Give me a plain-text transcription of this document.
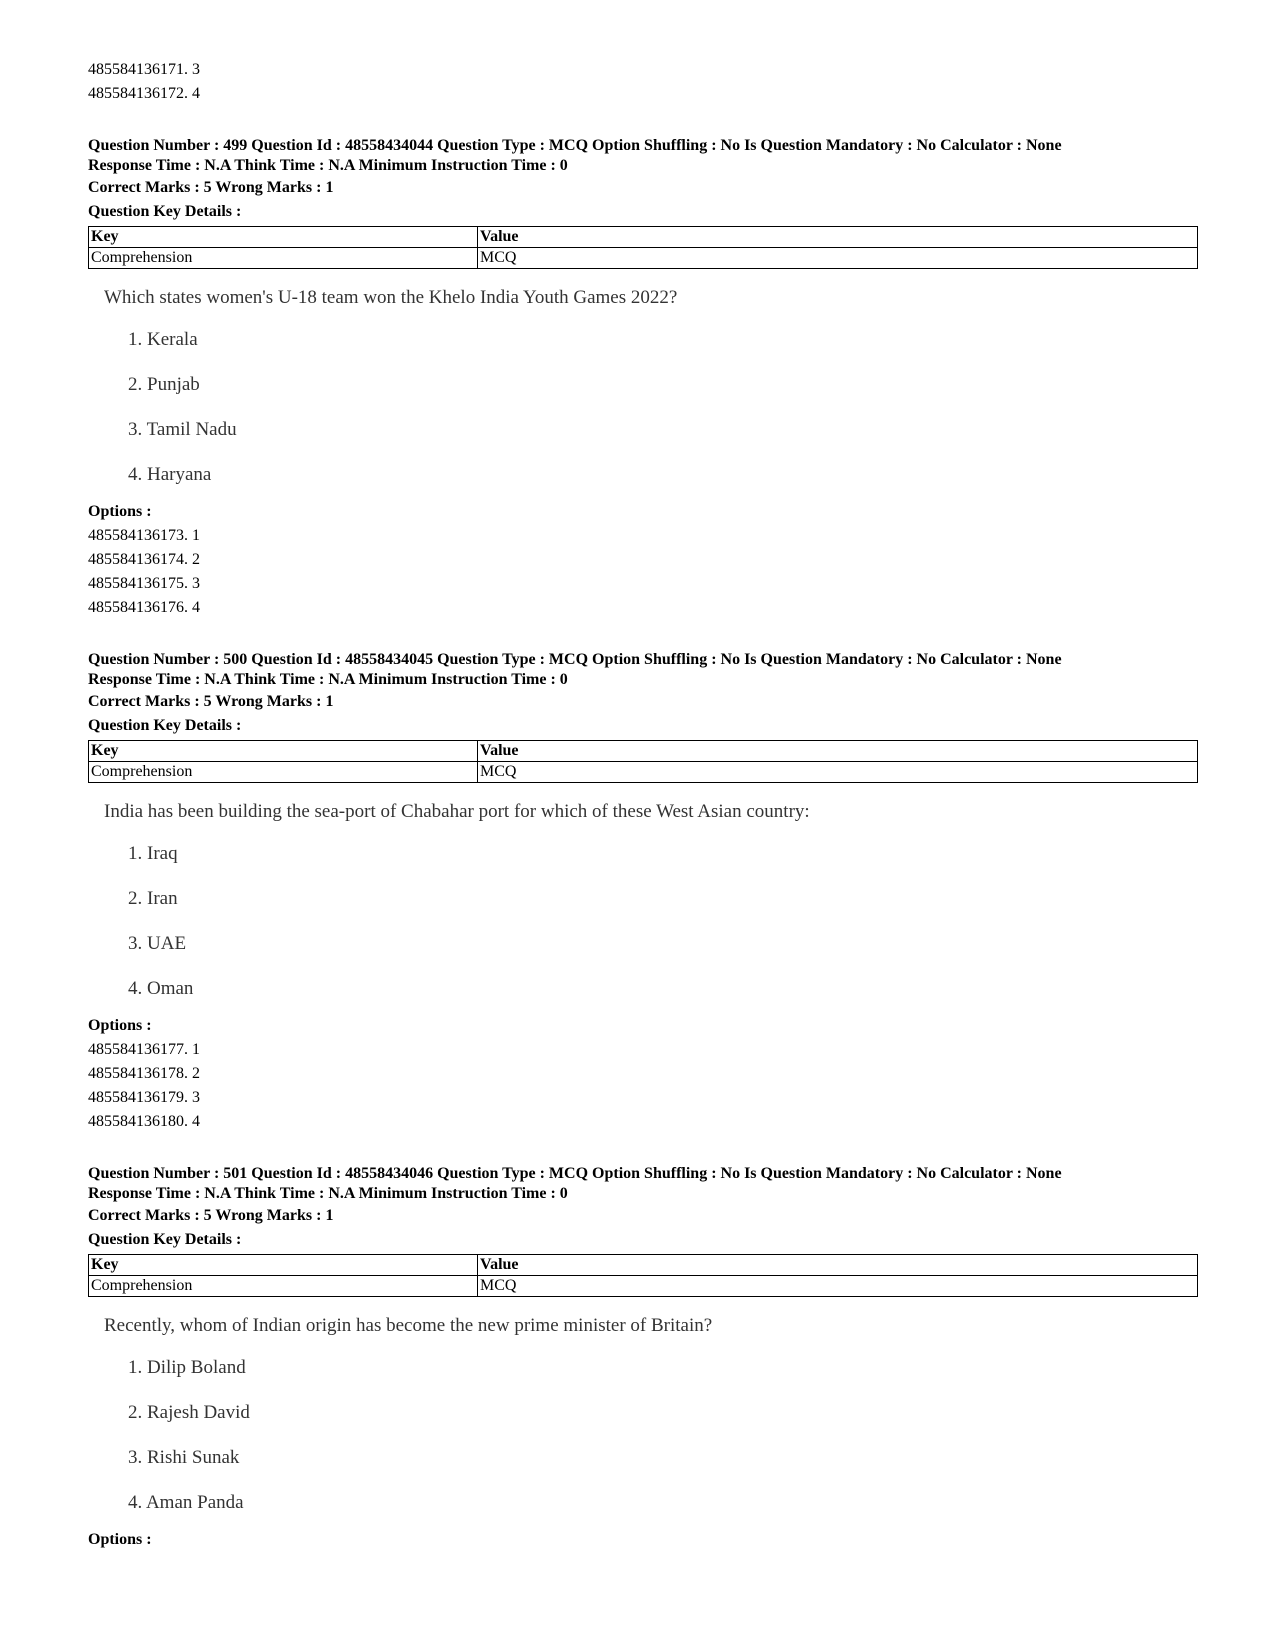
485584136171. 3
485584136172. 4
Question Number : 499 Question Id : 48558434044 Question Type : MCQ Option Shuffling : No Is Question Mandatory : No Calculator : None
Response Time : N.A Think Time : N.A Minimum Instruction Time : 0
Correct Marks : 5 Wrong Marks : 1
Question Key Details :
Key	Value
Comprehension	MCQ
Which states women's U-18 team won the Khelo India Youth Games 2022?
1. Kerala
2. Punjab
3. Tamil Nadu
4. Haryana
Options :
485584136173. 1
485584136174. 2
485584136175. 3
485584136176. 4
Question Number : 500 Question Id : 48558434045 Question Type : MCQ Option Shuffling : No Is Question Mandatory : No Calculator : None
Response Time : N.A Think Time : N.A Minimum Instruction Time : 0
Correct Marks : 5 Wrong Marks : 1
Question Key Details :
Key	Value
Comprehension	MCQ
India has been building the sea-port of Chabahar port for which of these West Asian country:
1. Iraq
2. Iran
3. UAE
4. Oman
Options :
485584136177. 1
485584136178. 2
485584136179. 3
485584136180. 4
Question Number : 501 Question Id : 48558434046 Question Type : MCQ Option Shuffling : No Is Question Mandatory : No Calculator : None
Response Time : N.A Think Time : N.A Minimum Instruction Time : 0
Correct Marks : 5 Wrong Marks : 1
Question Key Details :
Key	Value
Comprehension	MCQ
Recently, whom of Indian origin has become the new prime minister of Britain?
1. Dilip Boland
2. Rajesh David
3. Rishi Sunak
4. Aman Panda
Options :
